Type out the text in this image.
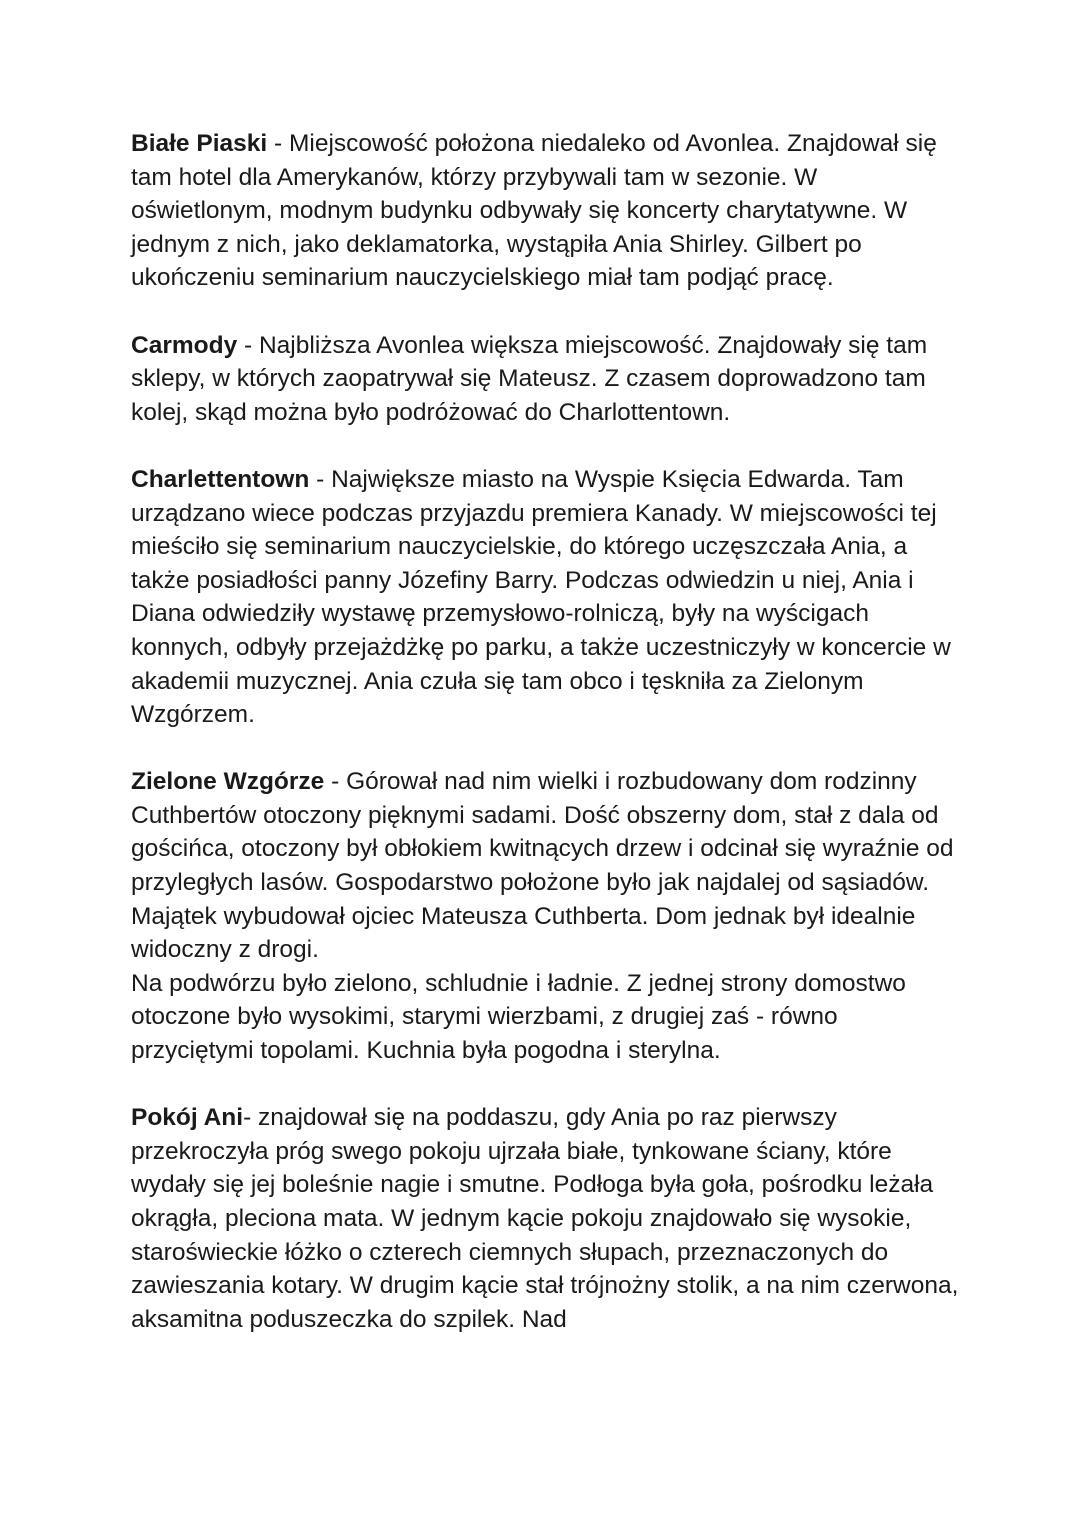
Białe Piaski - Miejscowość położona niedaleko od Avonlea. Znajdował się tam hotel dla Amerykanów, którzy przybywali tam w sezonie. W oświetlonym, modnym budynku odbywały się koncerty charytatywne. W jednym z nich, jako deklamatorka, wystąpiła Ania Shirley. Gilbert po ukończeniu seminarium nauczycielskiego miał tam podjąć pracę.

Carmody - Najbliższa Avonlea większa miejscowość. Znajdowały się tam sklepy, w których zaopatrywał się Mateusz. Z czasem doprowadzono tam kolej, skąd można było podróżować do Charlottentown.

Charlettentown - Największe miasto na Wyspie Księcia Edwarda. Tam urządzano wiece podczas przyjazdu premiera Kanady. W miejscowości tej mieściło się seminarium nauczycielskie, do którego uczęszczała Ania, a także posiadłości panny Józefiny Barry. Podczas odwiedzin u niej, Ania i Diana odwiedziły wystawę przemysłowo-rolniczą, były na wyścigach konnych, odbyły przejażdżkę po parku, a także uczestniczyły w koncercie w akademii muzycznej. Ania czuła się tam obco i tęskniła za Zielonym Wzgórzem.

Zielone Wzgórze - Górował nad nim wielki i rozbudowany dom rodzinny Cuthbertów otoczony pięknymi sadami. Dość obszerny dom, stał z dala od gościńca, otoczony był obłokiem kwitnących drzew i odcinał się wyraźnie od przyległych lasów. Gospodarstwo położone było jak najdalej od sąsiadów. Majątek wybudował ojciec Mateusza Cuthberta. Dom jednak był idealnie widoczny z drogi.

Na podwórzu było zielono, schludnie i ładnie. Z jednej strony domostwo otoczone było wysokimi, starymi wierzbami, z drugiej zaś - równo przyciętymi topolami. Kuchnia była pogodna i sterylna.

Pokój Ani- znajdował się na poddaszu, gdy Ania po raz pierwszy przekroczyła próg swego pokoju ujrzała białe, tynkowane ściany, które wydały się jej boleśnie nagie i smutne. Podłoga była goła, pośrodku leżała okrągła, pleciona mata. W jednym kącie pokoju znajdowało się wysokie, staroświeckie łóżko o czterech ciemnych słupach, przeznaczonych do zawieszania kotary. W drugim kącie stał trójnożny stolik, a na nim czerwona, aksamitna poduszeczka do szpilek. Nad
